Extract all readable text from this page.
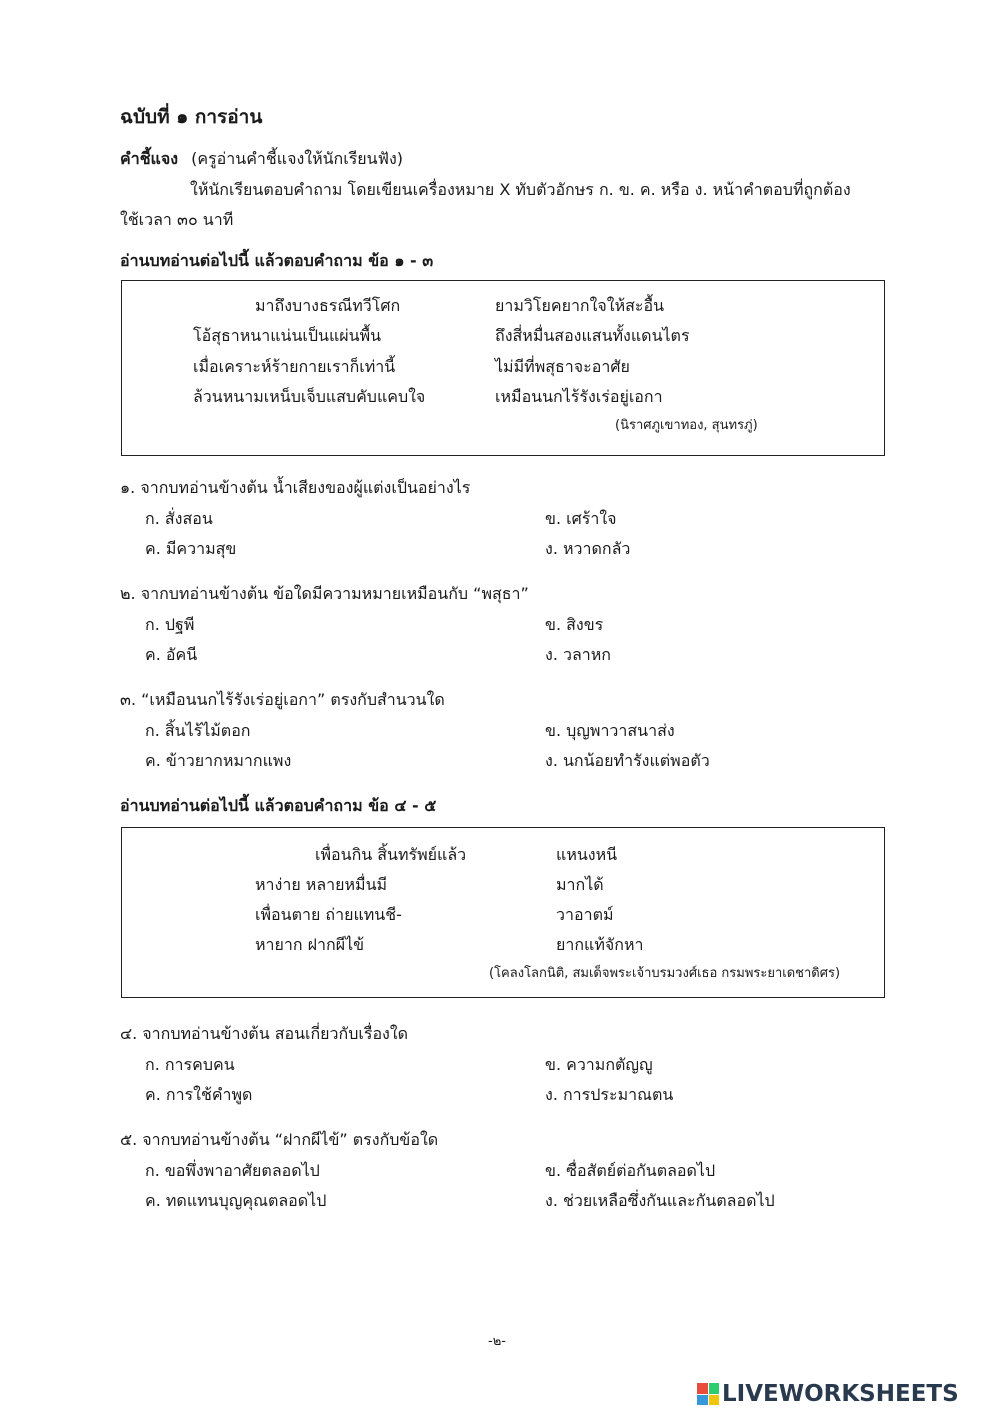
ฉบับที่ ๑ การอ่าน
คำชี้แจง (ครูอ่านคำชี้แจงให้นักเรียนฟัง)
ให้นักเรียนตอบคำถาม โดยเขียนเครื่องหมาย X ทับตัวอักษร ก. ข. ค. หรือ ง. หน้าคำตอบที่ถูกต้อง
ใช้เวลา ๓๐ นาที
อ่านบทอ่านต่อไปนี้ แล้วตอบคำถาม ข้อ ๑ - ๓
มาถึงบางธรณีทวีโศก	ยามวิโยคยากใจให้สะอื้น
โอ้สุธาหนาแน่นเป็นแผ่นพื้น	ถึงสี่หมื่นสองแสนทั้งแดนไตร
เมื่อเคราะห์ร้ายกายเราก็เท่านี้	ไม่มีที่พสุธาจะอาศัย
ล้วนหนามเหน็บเจ็บแสบคับแคบใจ	เหมือนนกไร้รังเร่อยู่เอกา
(นิราศภูเขาทอง, สุนทรภู่)
๑. จากบทอ่านข้างต้น น้ำเสียงของผู้แต่งเป็นอย่างไร
ก. สั่งสอน	ข. เศร้าใจ
ค. มีความสุข	ง. หวาดกลัว
๒. จากบทอ่านข้างต้น ข้อใดมีความหมายเหมือนกับ “พสุธา”
ก. ปฐพี	ข. สิงขร
ค. อัคนี	ง. วลาหก
๓. “เหมือนนกไร้รังเร่อยู่เอกา” ตรงกับสำนวนใด
ก. สิ้นไร้ไม้ตอก	ข. บุญพาวาสนาส่ง
ค. ข้าวยากหมากแพง	ง. นกน้อยทำรังแต่พอตัว
อ่านบทอ่านต่อไปนี้ แล้วตอบคำถาม ข้อ ๔ - ๕
เพื่อนกิน สิ้นทรัพย์แล้ว	แหนงหนี
หาง่าย หลายหมื่นมี	มากได้
เพื่อนตาย ถ่ายแทนชี-	วาอาตม์
หายาก ฝากผีไข้	ยากแท้จักหา
(โคลงโลกนิติ, สมเด็จพระเจ้าบรมวงศ์เธอ กรมพระยาเดชาดิศร)
๔. จากบทอ่านข้างต้น สอนเกี่ยวกับเรื่องใด
ก. การคบคน	ข. ความกตัญญู
ค. การใช้คำพูด	ง. การประมาณตน
๕. จากบทอ่านข้างต้น “ฝากผีไข้” ตรงกับข้อใด
ก. ขอพึ่งพาอาศัยตลอดไป	ข. ซื่อสัตย์ต่อกันตลอดไป
ค. ทดแทนบุญคุณตลอดไป	ง. ช่วยเหลือซึ่งกันและกันตลอดไป
-๒-
LIVEWORKSHEETS
